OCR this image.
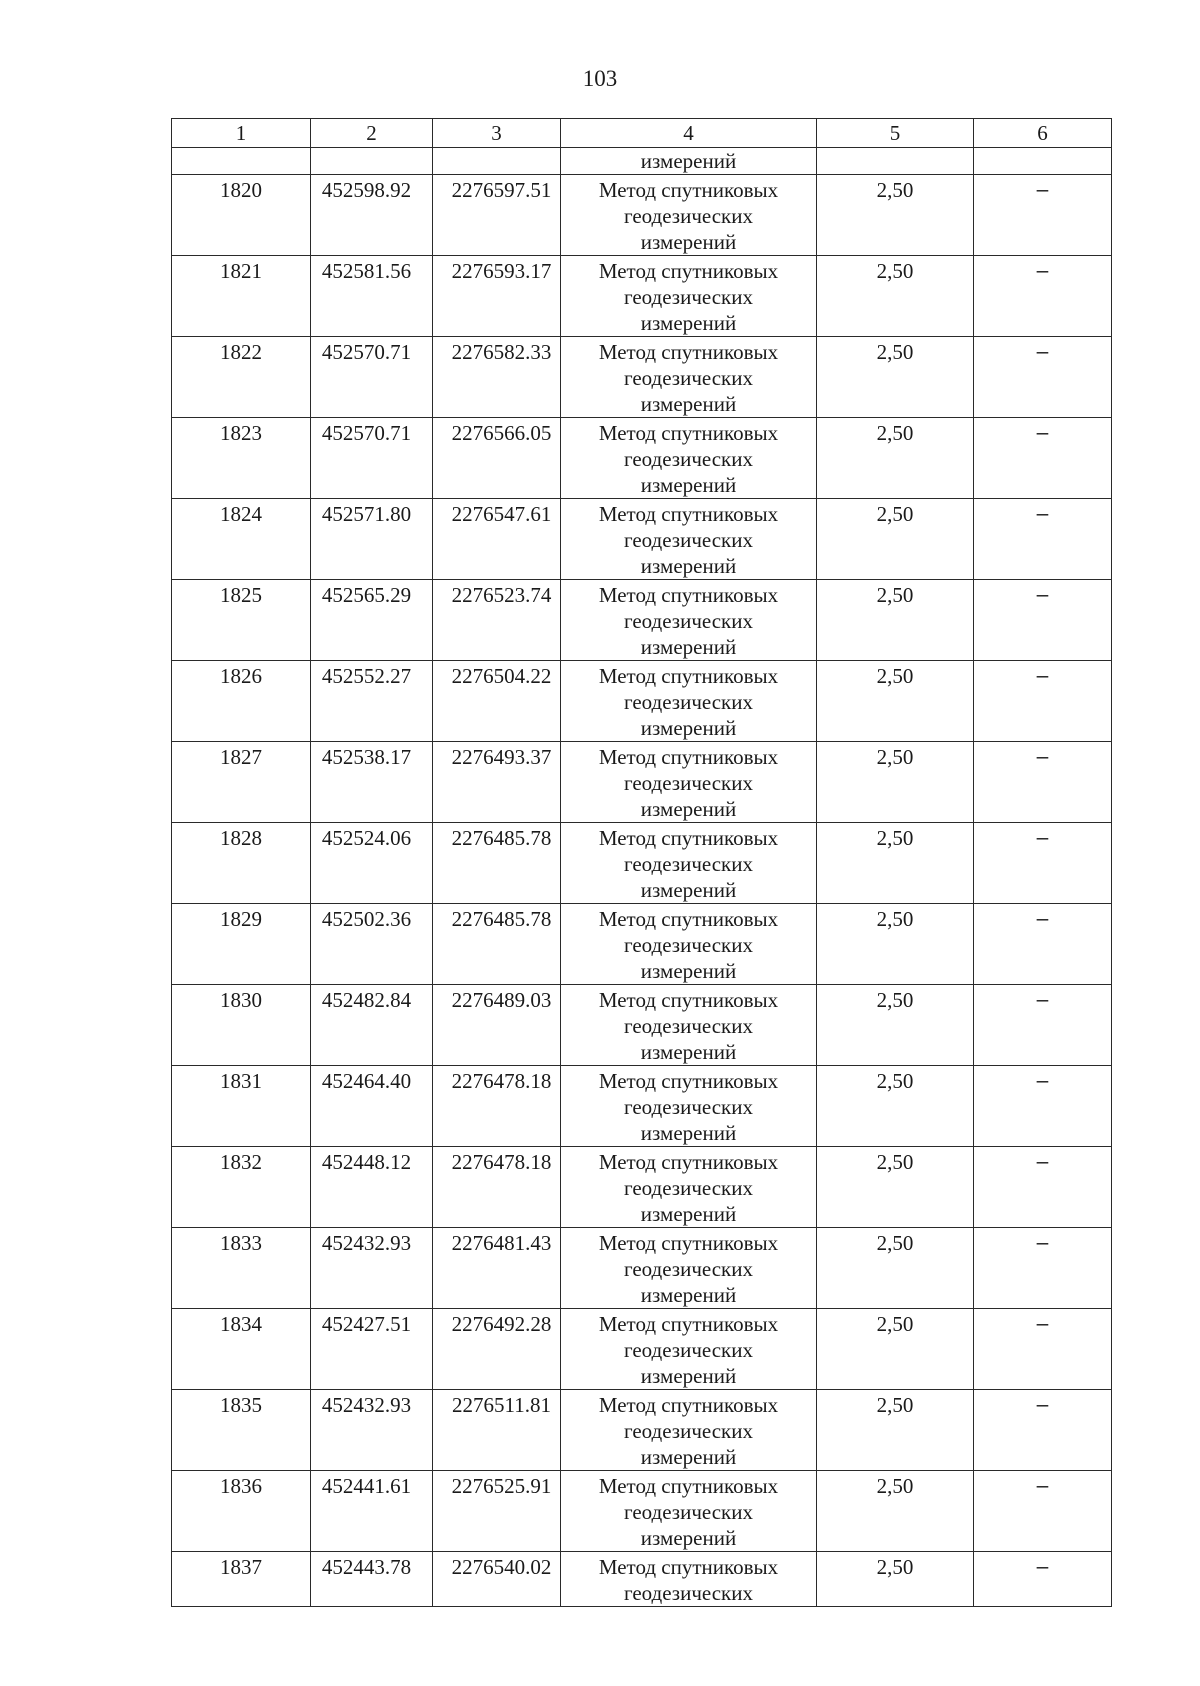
103
1	2	3	4	5	6
			измерений		
1820	452598.92	2276597.51	Метод спутниковых
геодезических
измерений	2,50	–
1821	452581.56	2276593.17	Метод спутниковых
геодезических
измерений	2,50	–
1822	452570.71	2276582.33	Метод спутниковых
геодезических
измерений	2,50	–
1823	452570.71	2276566.05	Метод спутниковых
геодезических
измерений	2,50	–
1824	452571.80	2276547.61	Метод спутниковых
геодезических
измерений	2,50	–
1825	452565.29	2276523.74	Метод спутниковых
геодезических
измерений	2,50	–
1826	452552.27	2276504.22	Метод спутниковых
геодезических
измерений	2,50	–
1827	452538.17	2276493.37	Метод спутниковых
геодезических
измерений	2,50	–
1828	452524.06	2276485.78	Метод спутниковых
геодезических
измерений	2,50	–
1829	452502.36	2276485.78	Метод спутниковых
геодезических
измерений	2,50	–
1830	452482.84	2276489.03	Метод спутниковых
геодезических
измерений	2,50	–
1831	452464.40	2276478.18	Метод спутниковых
геодезических
измерений	2,50	–
1832	452448.12	2276478.18	Метод спутниковых
геодезических
измерений	2,50	–
1833	452432.93	2276481.43	Метод спутниковых
геодезических
измерений	2,50	–
1834	452427.51	2276492.28	Метод спутниковых
геодезических
измерений	2,50	–
1835	452432.93	2276511.81	Метод спутниковых
геодезических
измерений	2,50	–
1836	452441.61	2276525.91	Метод спутниковых
геодезических
измерений	2,50	–
1837	452443.78	2276540.02	Метод спутниковых
геодезических	2,50	–
